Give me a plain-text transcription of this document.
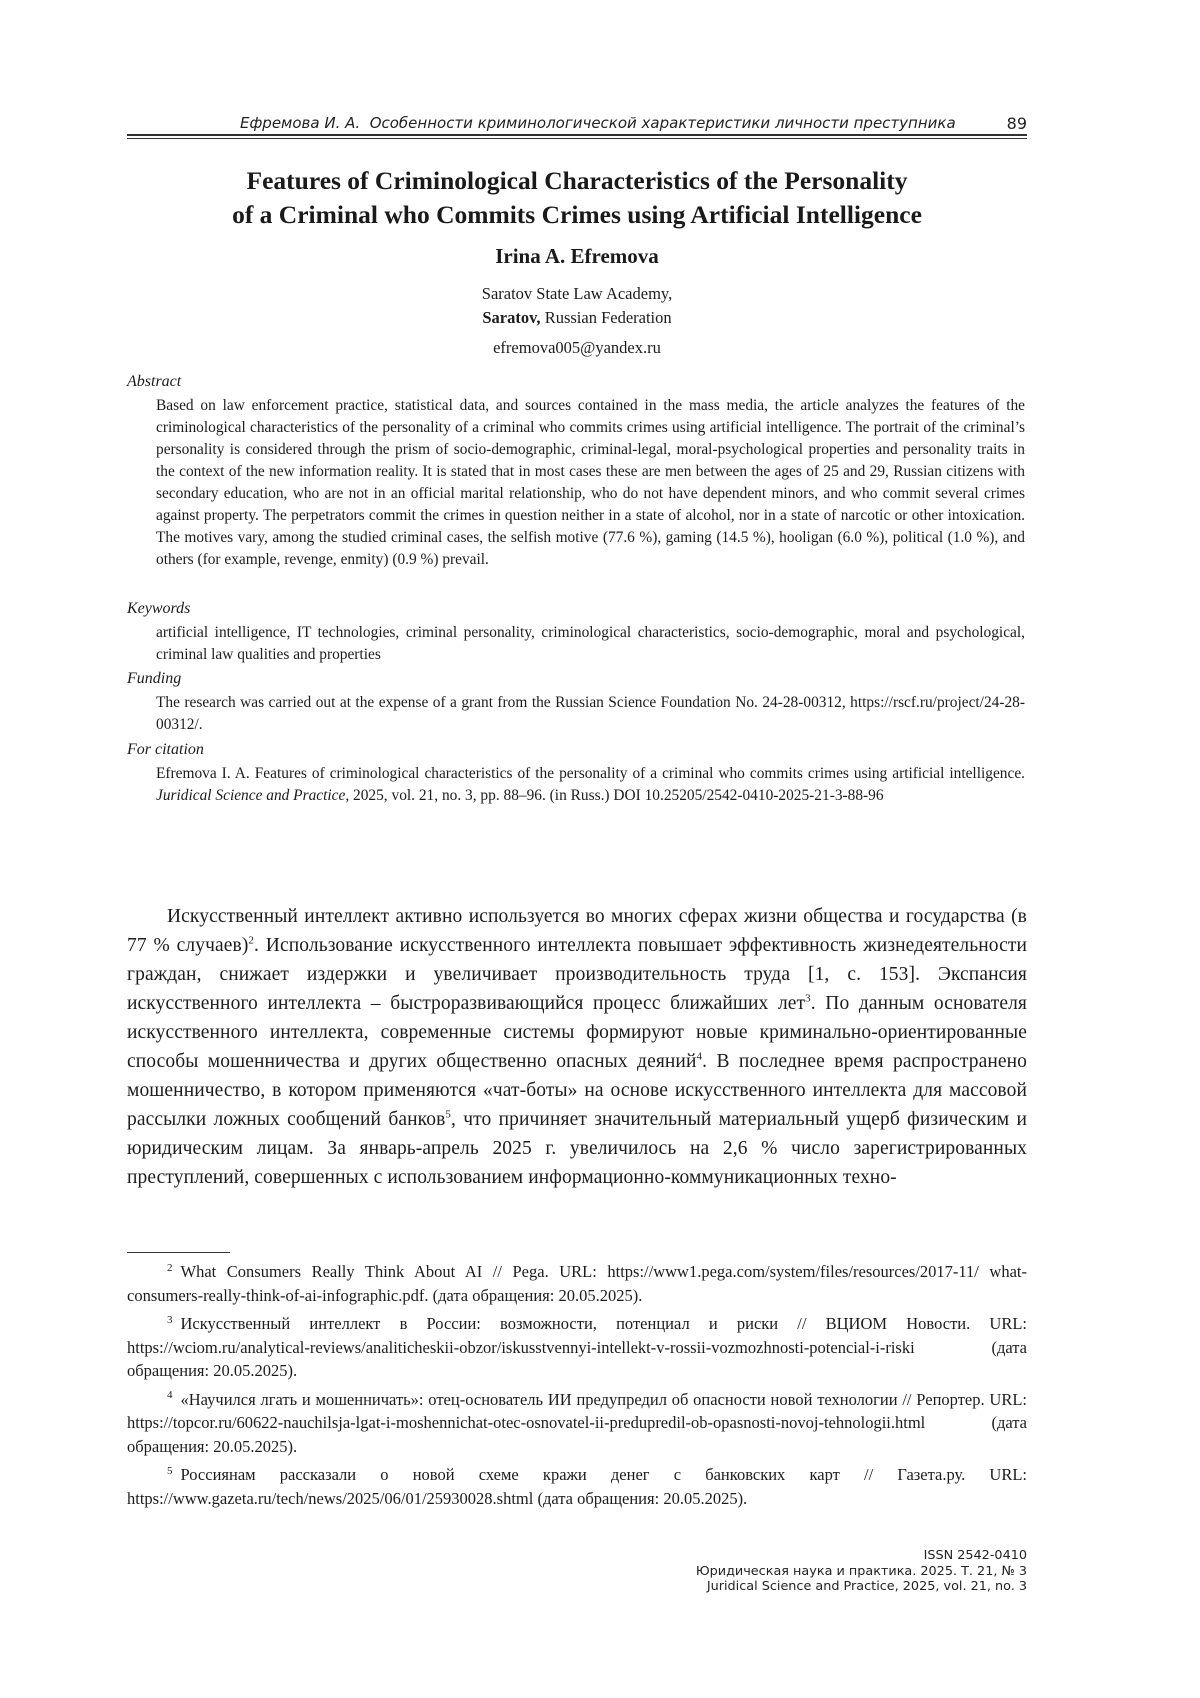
Ефремова И. А. Особенности криминологической характеристики личности преступника	89
Features of Criminological Characteristics of the Personality
of a Criminal who Commits Crimes using Artificial Intelligence
Irina A. Efremova
Saratov State Law Academy,
Saratov, Russian Federation
efremova005@yandex.ru
Abstract
Based on law enforcement practice, statistical data, and sources contained in the mass media, the article analyzes the features of the criminological characteristics of the personality of a criminal who commits crimes using artificial intelligence. The portrait of the criminal’s personality is considered through the prism of socio-demographic, criminal-legal, moral-psychological properties and personality traits in the context of the new information reality. It is stated that in most cases these are men between the ages of 25 and 29, Russian citizens with secondary education, who are not in an official marital relationship, who do not have dependent minors, and who commit several crimes against property. The perpetrators commit the crimes in question neither in a state of alcohol, nor in a state of narcotic or other intoxication. The motives vary, among the studied criminal cases, the selfish motive (77.6 %), gaming (14.5 %), hooligan (6.0 %), political (1.0 %), and others (for example, revenge, enmity) (0.9 %) prevail.
Keywords
artificial intelligence, IT technologies, criminal personality, criminological characteristics, socio-demographic, moral and psychological, criminal law qualities and properties
Funding
The research was carried out at the expense of a grant from the Russian Science Foundation No. 24-28-00312, https://rscf.ru/project/24-28-00312/.
For citation
Efremova I. A. Features of criminological characteristics of the personality of a criminal who commits crimes using artificial intelligence. Juridical Science and Practice, 2025, vol. 21, no. 3, pp. 88–96. (in Russ.) DOI 10.25205/2542-0410-2025-21-3-88-96
Искусственный интеллект активно используется во многих сферах жизни общества и государства (в 77 % случаев)$^2$. Использование искусственного интеллекта повышает эффективность жизнедеятельности граждан, снижает издержки и увеличивает производительность труда [1, с. 153]. Экспансия искусственного интеллекта – быстроразвивающийся процесс ближайших лет$^3$. По данным основателя искусственного интеллекта, современные системы формируют новые криминально-ориентированные способы мошенничества и других общественно опасных деяний$^4$. В последнее время распространено мошенничество, в котором применяются «чат-боты» на основе искусственного интеллекта для массовой рассылки ложных сообщений банков$^5$, что причиняет значительный материальный ущерб физическим и юридическим лицам. За январь-апрель 2025 г. увеличилось на 2,6 % число зарегистрированных преступлений, совершенных с использованием информационно-коммуникационных техно-

$^2$ What Consumers Really Think About AI // Pega. URL: https://www1.pega.com/system/files/resources/2017-11/ what-consumers-really-think-of-ai-infographic.pdf. (дата обращения: 20.05.2025).

$^3$ Искусственный интеллект в России: возможности, потенциал и риски // ВЦИОМ Новости. URL: https://wciom.ru/analytical-reviews/analiticheskii-obzor/iskusstvennyi-intellekt-v-rossii-vozmozhnosti-potencial-i-riski (дата обращения: 20.05.2025).

$^4$ «Научился лгать и мошенничать»: отец-основатель ИИ предупредил об опасности новой технологии // Репортер. URL: https://topcor.ru/60622-nauchilsja-lgat-i-moshennichat-otec-osnovatel-ii-predupredil-ob-opasnosti-novoj-tehnologii.html (дата обращения: 20.05.2025).

$^5$ Россиянам рассказали о новой схеме кражи денег с банковских карт // Газета.ру. URL: https://www.gazeta.ru/tech/news/2025/06/01/25930028.shtml (дата обращения: 20.05.2025).

ISSN 2542-0410
Юридическая наука и практика. 2025. Т. 21, № 3
Juridical Science and Practice, 2025, vol. 21, no. 3
